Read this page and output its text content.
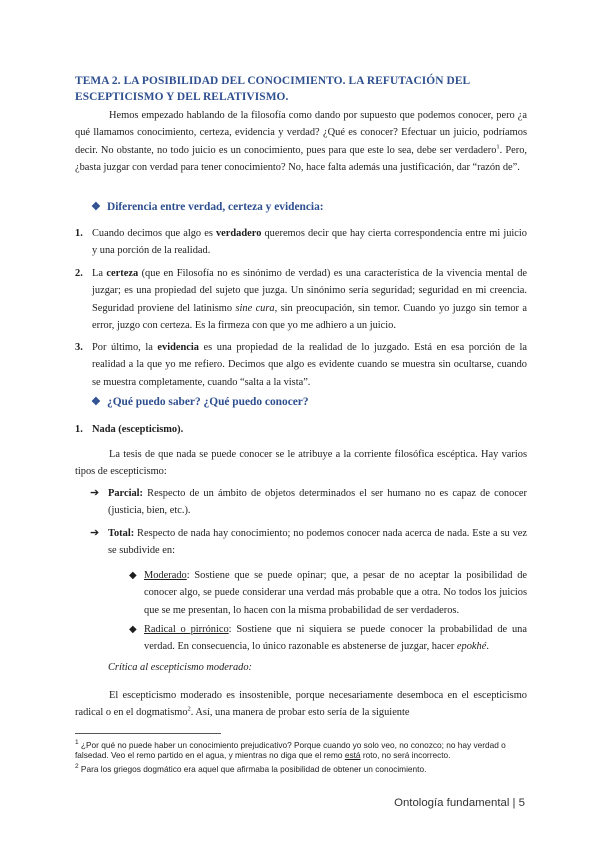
TEMA 2. LA POSIBILIDAD DEL CONOCIMIENTO. LA REFUTACIÓN DEL ESCEPTICISMO Y DEL RELATIVISMO.
Hemos empezado hablando de la filosofía como dando por supuesto que podemos conocer, pero ¿a qué llamamos conocimiento, certeza, evidencia y verdad? ¿Qué es conocer? Efectuar un juicio, podríamos decir. No obstante, no todo juicio es un conocimiento, pues para que este lo sea, debe ser verdadero$^1$. Pero, ¿basta juzgar con verdad para tener conocimiento? No, hace falta además una justificación, dar “razón de”.
❖ Diferencia entre verdad, certeza y evidencia:
1. Cuando decimos que algo es verdadero queremos decir que hay cierta correspondencia entre mi juicio y una porción de la realidad.
2. La certeza (que en Filosofía no es sinónimo de verdad) es una característica de la vivencia mental de juzgar; es una propiedad del sujeto que juzga. Un sinónimo sería seguridad; seguridad en mi creencia. Seguridad proviene del latinismo sine cura, sin preocupación, sin temor. Cuando yo juzgo sin temor a error, juzgo con certeza. Es la firmeza con que yo me adhiero a un juicio.
3. Por último, la evidencia es una propiedad de la realidad de lo juzgado. Está en esa porción de la realidad a la que yo me refiero. Decimos que algo es evidente cuando se muestra sin ocultarse, cuando se muestra completamente, cuando “salta a la vista”.
❖ ¿Qué puedo saber? ¿Qué puedo conocer?
1. Nada (escepticismo).
La tesis de que nada se puede conocer se le atribuye a la corriente filosófica escéptica. Hay varios tipos de escepticismo:
➔ Parcial: Respecto de un ámbito de objetos determinados el ser humano no es capaz de conocer (justicia, bien, etc.).
➔ Total: Respecto de nada hay conocimiento; no podemos conocer nada acerca de nada. Este a su vez se subdivide en:
◆ Moderado: Sostiene que se puede opinar; que, a pesar de no aceptar la posibilidad de conocer algo, se puede considerar una verdad más probable que a otra. No todos los juicios que se me presentan, lo hacen con la misma probabilidad de ser verdaderos.
◆ Radical o pirrónico: Sostiene que ni siquiera se puede conocer la probabilidad de una verdad. En consecuencia, lo único razonable es abstenerse de juzgar, hacer epokhé.
Crítica al escepticismo moderado:
El escepticismo moderado es insostenible, porque necesariamente desemboca en el escepticismo radical o en el dogmatismo$^2$. Así, una manera de probar esto sería de la siguiente
$^1$ ¿Por qué no puede haber un conocimiento prejudicativo? Porque cuando yo solo veo, no conozco; no hay verdad o falsedad. Veo el remo partido en el agua, y mientras no diga que el remo está roto, no será incorrecto.
$^2$ Para los griegos dogmático era aquel que afirmaba la posibilidad de obtener un conocimiento.
Ontología fundamental | 5
